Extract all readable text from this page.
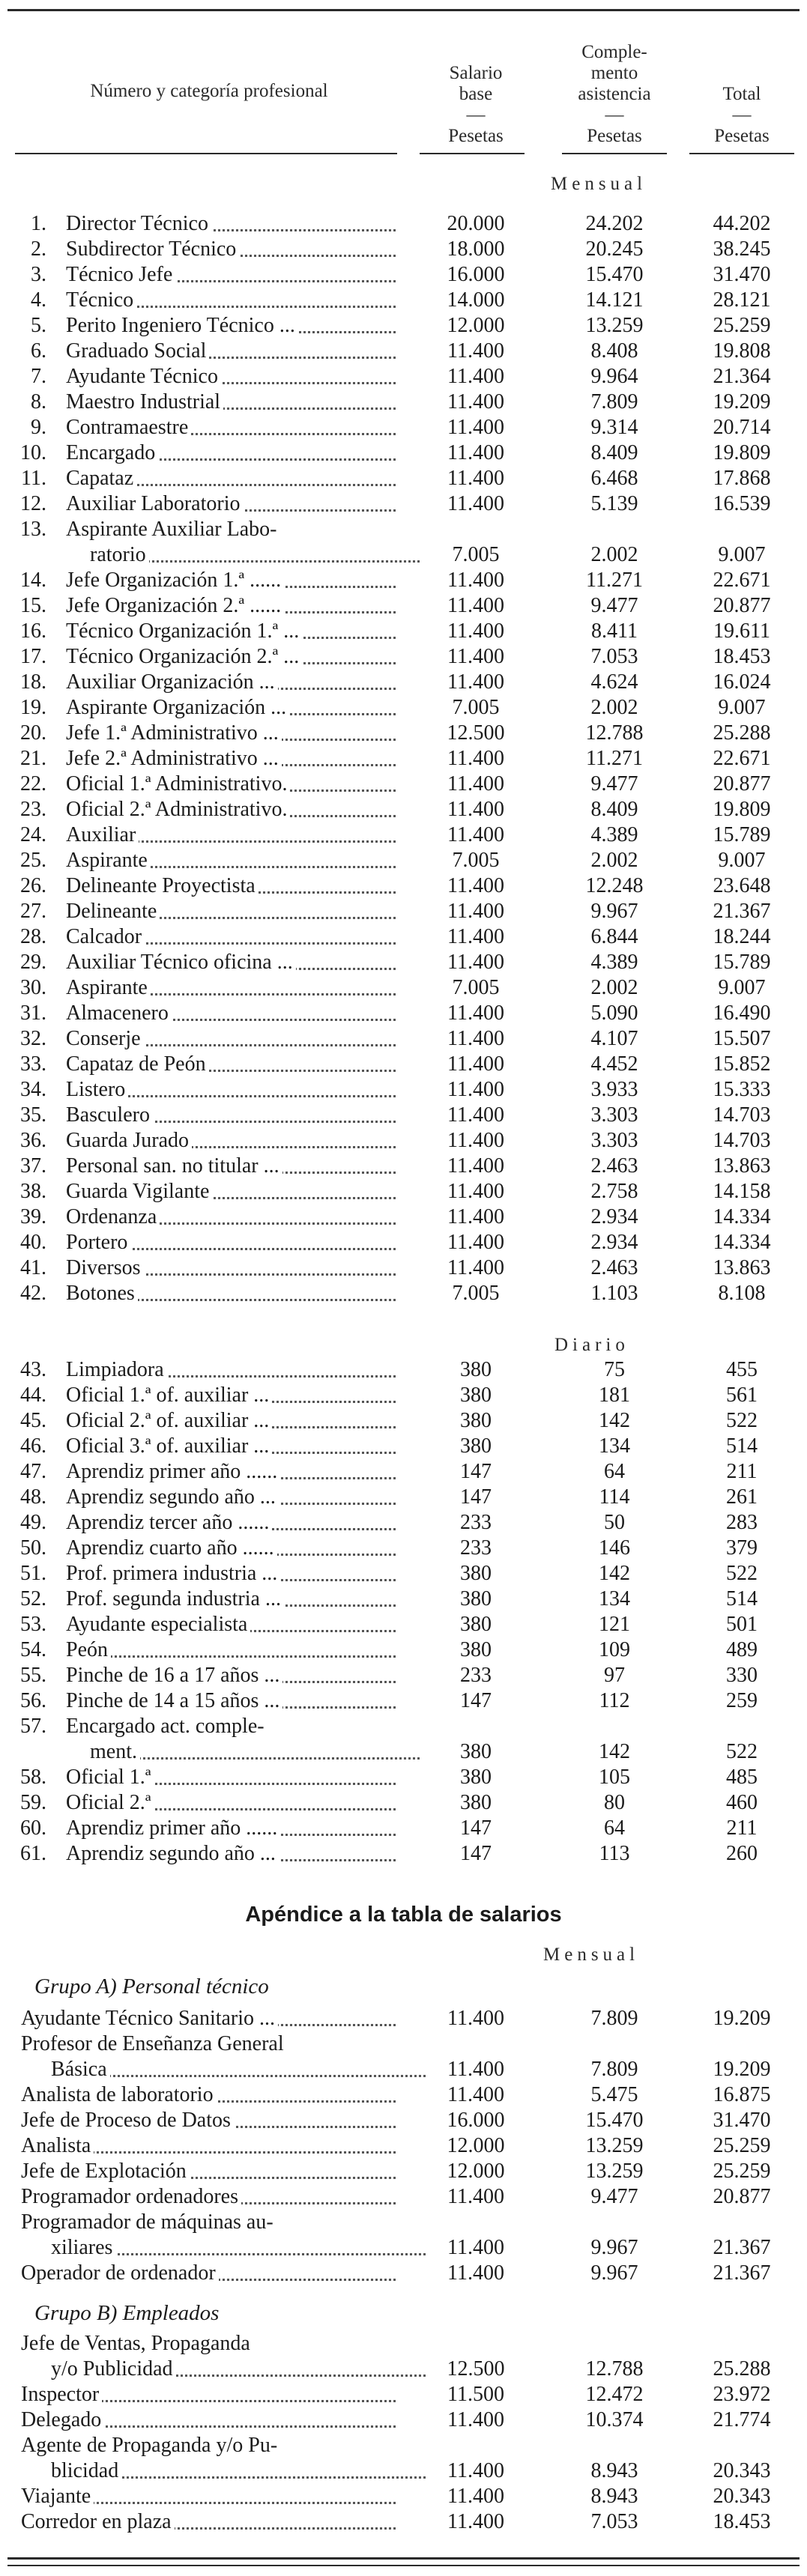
Número y categoría profesional
Salario
base
—
Pesetas
Comple-
mento
asistencia
—
Pesetas
Total
—
Pesetas
Mensual
Diario
1. Director Técnico	20.000	24.202	44.202
2. Subdirector Técnico	18.000	20.245	38.245
3. Técnico Jefe	16.000	15.470	31.470
4. Técnico	14.000	14.121	28.121
5. Perito Ingeniero Técnico ...	12.000	13.259	25.259
6. Graduado Social	11.400	8.408	19.808
7. Ayudante Técnico	11.400	9.964	21.364
8. Maestro Industrial	11.400	7.809	19.209
9. Contramaestre	11.400	9.314	20.714
10. Encargado	11.400	8.409	19.809
11. Capataz	11.400	6.468	17.868
12. Auxiliar Laboratorio	11.400	5.139	16.539
13. Aspirante Auxiliar Labo-
ratorio	7.005	2.002	9.007
14. Jefe Organización 1.ª ......	11.400	11.271	22.671
15. Jefe Organización 2.ª ......	11.400	9.477	20.877
16. Técnico Organización 1.ª ...	11.400	8.411	19.611
17. Técnico Organización 2.ª ...	11.400	7.053	18.453
18. Auxiliar Organización ...	11.400	4.624	16.024
19. Aspirante Organización ...	7.005	2.002	9.007
20. Jefe 1.ª Administrativo ...	12.500	12.788	25.288
21. Jefe 2.ª Administrativo ...	11.400	11.271	22.671
22. Oficial 1.ª Administrativo.	11.400	9.477	20.877
23. Oficial 2.ª Administrativo.	11.400	8.409	19.809
24. Auxiliar	11.400	4.389	15.789
25. Aspirante	7.005	2.002	9.007
26. Delineante Proyectista	11.400	12.248	23.648
27. Delineante	11.400	9.967	21.367
28. Calcador	11.400	6.844	18.244
29. Auxiliar Técnico oficina ...	11.400	4.389	15.789
30. Aspirante	7.005	2.002	9.007
31. Almacenero	11.400	5.090	16.490
32. Conserje	11.400	4.107	15.507
33. Capataz de Peón	11.400	4.452	15.852
34. Listero	11.400	3.933	15.333
35. Basculero	11.400	3.303	14.703
36. Guarda Jurado	11.400	3.303	14.703
37. Personal san. no titular ...	11.400	2.463	13.863
38. Guarda Vigilante	11.400	2.758	14.158
39. Ordenanza	11.400	2.934	14.334
40. Portero	11.400	2.934	14.334
41. Diversos	11.400	2.463	13.863
42. Botones	7.005	1.103	8.108
43. Limpiadora	380	75	455
44. Oficial 1.ª of. auxiliar ...	380	181	561
45. Oficial 2.ª of. auxiliar ...	380	142	522
46. Oficial 3.ª of. auxiliar ...	380	134	514
47. Aprendiz primer año ......	147	64	211
48. Aprendiz segundo año ...	147	114	261
49. Aprendiz tercer año ......	233	50	283
50. Aprendiz cuarto año ......	233	146	379
51. Prof. primera industria ...	380	142	522
52. Prof. segunda industria ...	380	134	514
53. Ayudante especialista	380	121	501
54. Peón	380	109	489
55. Pinche de 16 a 17 años ...	233	97	330
56. Pinche de 14 a 15 años ...	147	112	259
57. Encargado act. comple-
ment.	380	142	522
58. Oficial 1.ª	380	105	485
59. Oficial 2.ª	380	80	460
60. Aprendiz primer año ......	147	64	211
61. Aprendiz segundo año ...	147	113	260
Apéndice a la tabla de salarios
Mensual
Grupo A) Personal técnico
Grupo B) Empleados
Ayudante Técnico Sanitario ...	11.400	7.809	19.209
Profesor de Enseñanza General
Básica	11.400	7.809	19.209
Analista de laboratorio	11.400	5.475	16.875
Jefe de Proceso de Datos	16.000	15.470	31.470
Analista	12.000	13.259	25.259
Jefe de Explotación	12.000	13.259	25.259
Programador ordenadores	11.400	9.477	20.877
Programador de máquinas au-
xiliares	11.400	9.967	21.367
Operador de ordenador	11.400	9.967	21.367
Jefe de Ventas, Propaganda
y/o Publicidad	12.500	12.788	25.288
Inspector	11.500	12.472	23.972
Delegado	11.400	10.374	21.774
Agente de Propaganda y/o Pu-
blicidad	11.400	8.943	20.343
Viajante	11.400	8.943	20.343
Corredor en plaza	11.400	7.053	18.453
